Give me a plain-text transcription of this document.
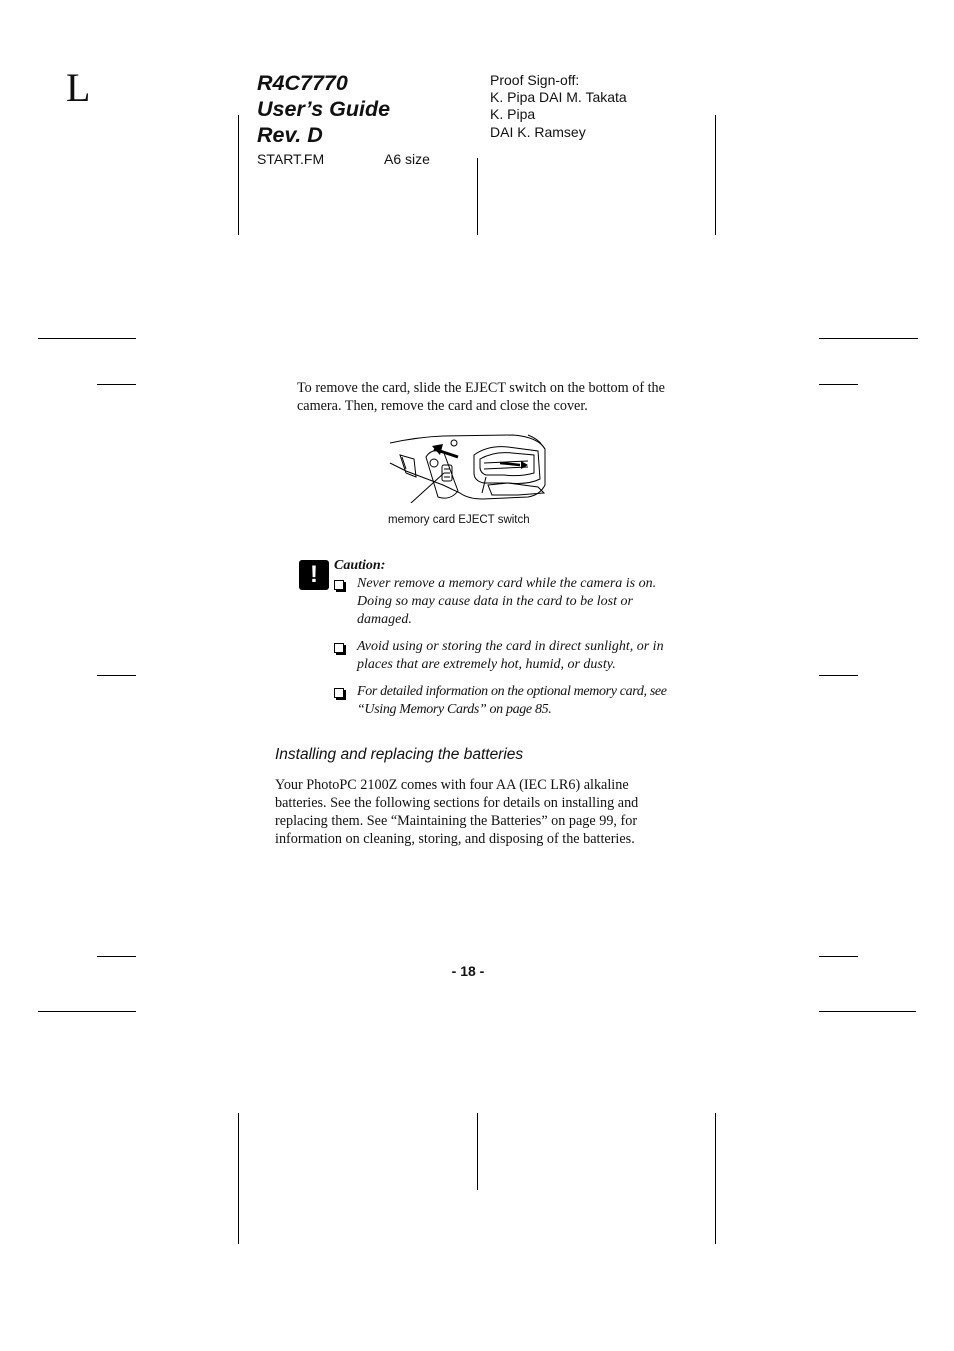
L	R4C7770
User’s Guide
Rev. D
START.FM	A6 size
Proof Sign-off:
K. Pipa DAI M. Takata
K. Pipa
DAI K. Ramsey
To remove the card, slide the EJECT switch on the bottom of the camera. Then, remove the card and close the cover.
memory card EJECT switch
!	Caution:
Never remove a memory card while the camera is on. Doing so may cause data in the card to be lost or damaged.
Avoid using or storing the card in direct sunlight, or in places that are extremely hot, humid, or dusty.
For detailed information on the optional memory card, see “Using Memory Cards” on page 85.
Installing and replacing the batteries
Your PhotoPC 2100Z comes with four AA (IEC LR6) alkaline batteries. See the following sections for details on installing and replacing them. See “Maintaining the Batteries” on page 99, for information on cleaning, storing, and disposing of the batteries.
- 18 -
